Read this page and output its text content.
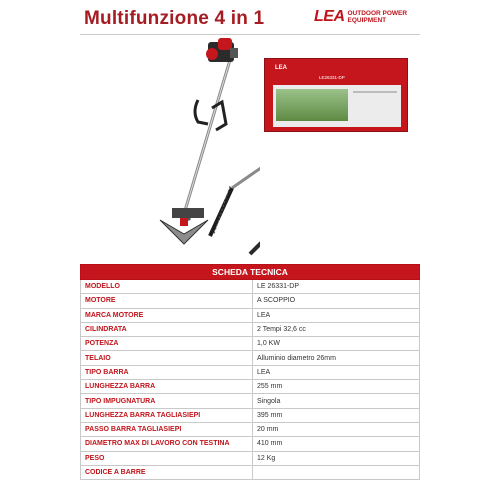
Multifunzione 4 in 1	LEA OUTDOOR POWER
EQUIPMENT
LEA
LE26331-DP
SCHEDA TECNICA	
MODELLO	LE 26331-DP
MOTORE	A SCOPPIO
MARCA MOTORE	LEA
CILINDRATA	2 Tempi 32,6 cc
POTENZA	1,0 KW
TELAIO	Alluminio diametro 26mm
TIPO BARRA	LEA
LUNGHEZZA BARRA	255 mm
TIPO IMPUGNATURA	Singola
LUNGHEZZA BARRA TAGLIASIEPI	395 mm
PASSO BARRA TAGLIASIEPI	20 mm
DIAMETRO MAX DI LAVORO CON TESTINA	410 mm
PESO	12 Kg
CODICE A BARRE	
